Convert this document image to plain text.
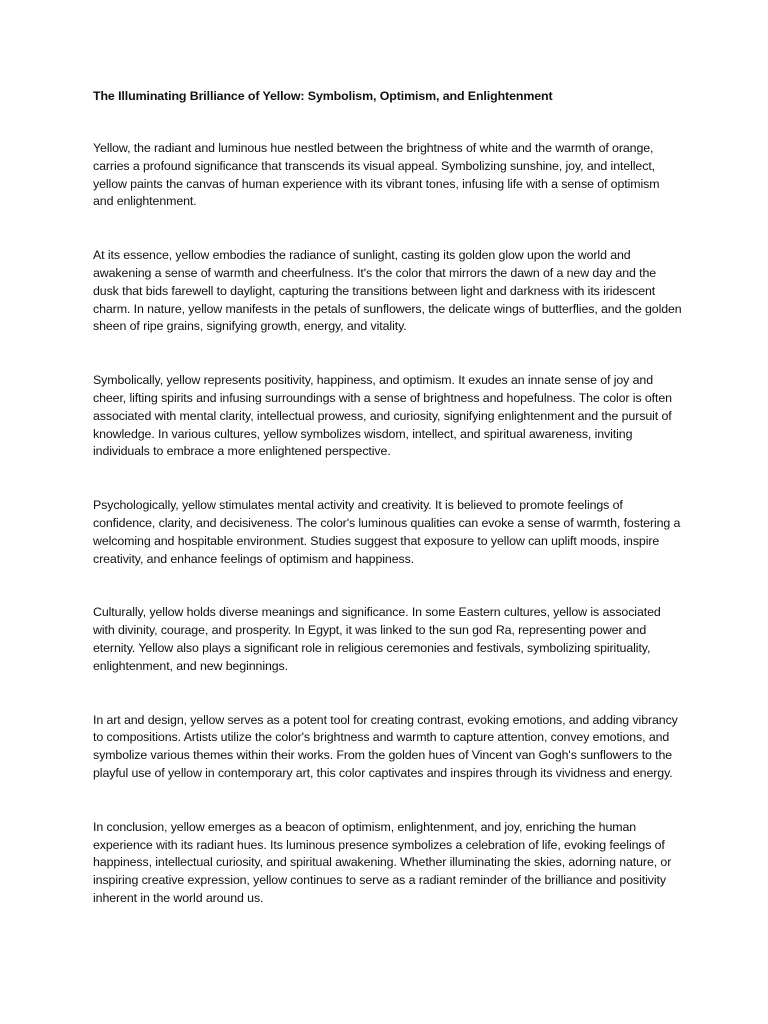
The Illuminating Brilliance of Yellow: Symbolism, Optimism, and Enlightenment

Yellow, the radiant and luminous hue nestled between the brightness of white and the warmth of orange, carries a profound significance that transcends its visual appeal. Symbolizing sunshine, joy, and intellect, yellow paints the canvas of human experience with its vibrant tones, infusing life with a sense of optimism and enlightenment.

At its essence, yellow embodies the radiance of sunlight, casting its golden glow upon the world and awakening a sense of warmth and cheerfulness. It's the color that mirrors the dawn of a new day and the dusk that bids farewell to daylight, capturing the transitions between light and darkness with its iridescent charm. In nature, yellow manifests in the petals of sunflowers, the delicate wings of butterflies, and the golden sheen of ripe grains, signifying growth, energy, and vitality.

Symbolically, yellow represents positivity, happiness, and optimism. It exudes an innate sense of joy and cheer, lifting spirits and infusing surroundings with a sense of brightness and hopefulness. The color is often associated with mental clarity, intellectual prowess, and curiosity, signifying enlightenment and the pursuit of knowledge. In various cultures, yellow symbolizes wisdom, intellect, and spiritual awareness, inviting individuals to embrace a more enlightened perspective.

Psychologically, yellow stimulates mental activity and creativity. It is believed to promote feelings of confidence, clarity, and decisiveness. The color's luminous qualities can evoke a sense of warmth, fostering a welcoming and hospitable environment. Studies suggest that exposure to yellow can uplift moods, inspire creativity, and enhance feelings of optimism and happiness.

Culturally, yellow holds diverse meanings and significance. In some Eastern cultures, yellow is associated with divinity, courage, and prosperity. In Egypt, it was linked to the sun god Ra, representing power and eternity. Yellow also plays a significant role in religious ceremonies and festivals, symbolizing spirituality, enlightenment, and new beginnings.

In art and design, yellow serves as a potent tool for creating contrast, evoking emotions, and adding vibrancy to compositions. Artists utilize the color's brightness and warmth to capture attention, convey emotions, and symbolize various themes within their works. From the golden hues of Vincent van Gogh's sunflowers to the playful use of yellow in contemporary art, this color captivates and inspires through its vividness and energy.

In conclusion, yellow emerges as a beacon of optimism, enlightenment, and joy, enriching the human experience with its radiant hues. Its luminous presence symbolizes a celebration of life, evoking feelings of happiness, intellectual curiosity, and spiritual awakening. Whether illuminating the skies, adorning nature, or inspiring creative expression, yellow continues to serve as a radiant reminder of the brilliance and positivity inherent in the world around us.
